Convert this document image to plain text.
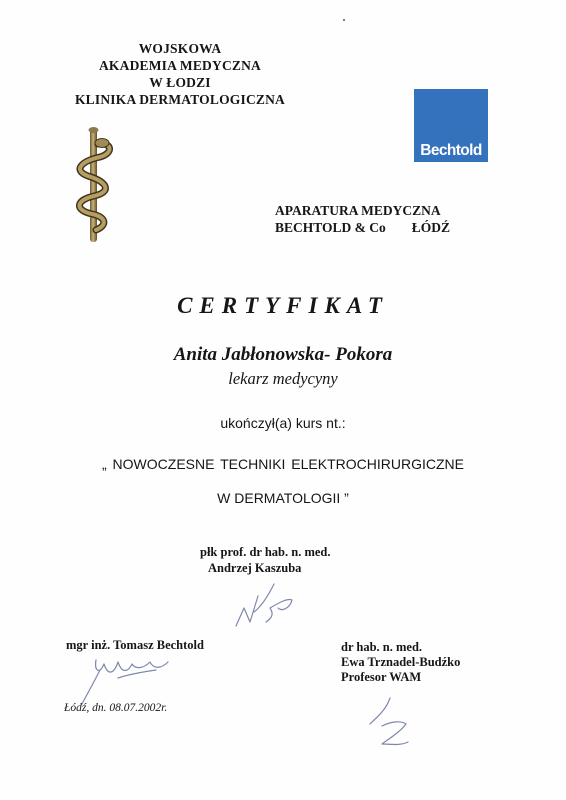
WOJSKOWA
AKADEMIA MEDYCZNA
W ŁODZI
KLINIKA DERMATOLOGICZNA
Bechtold
APARATURA MEDYCZNA
BECHTOLD & Co ŁÓDŹ
CERTYFIKAT
Anita Jabłonowska- Pokora
lekarz medycyny
ukończył(a) kurs nt.:
„ NOWOCZESNE TECHNIKI ELEKTROCHIRURGICZNE
W DERMATOLOGII ”
płk prof. dr hab. n. med.
Andrzej Kaszuba
mgr inż. Tomasz Bechtold	dr hab. n. med.
Ewa Trznadel-Budźko
Profesor WAM
Łódź, dn. 08.07.2002r.
